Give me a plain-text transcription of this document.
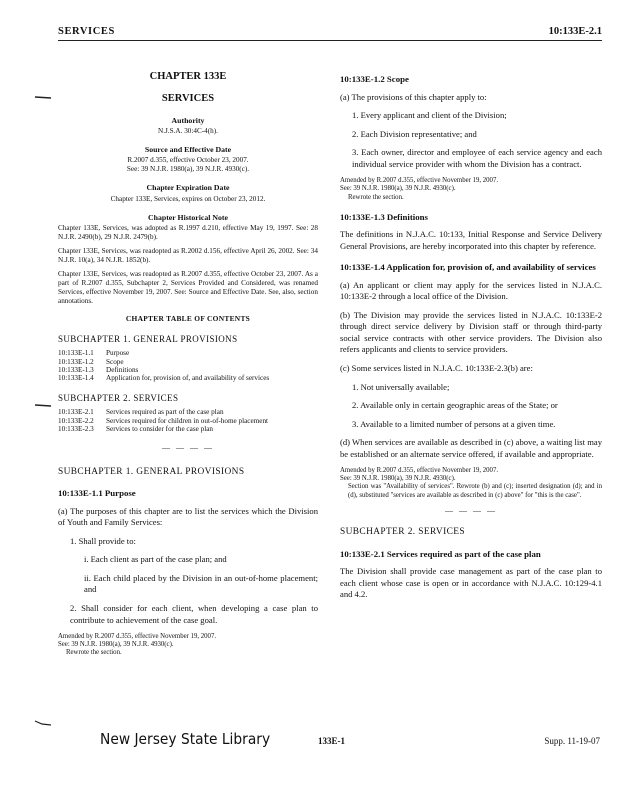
SERVICES	10:133E-2.1
CHAPTER 133E
SERVICES
Authority
N.J.S.A. 30:4C-4(h).
Source and Effective Date
R.2007 d.355, effective October 23, 2007.
See: 39 N.J.R. 1980(a), 39 N.J.R. 4930(c).
Chapter Expiration Date
Chapter 133E, Services, expires on October 23, 2012.
Chapter Historical Note
Chapter 133E, Services, was adopted as R.1997 d.210, effective May 19, 1997. See: 28 N.J.R. 2490(b), 29 N.J.R. 2479(b).
Chapter 133E, Services, was readopted as R.2002 d.156, effective April 26, 2002. See: 34 N.J.R. 10(a), 34 N.J.R. 1852(b).
Chapter 133E, Services, was readopted as R.2007 d.355, effective October 23, 2007. As a part of R.2007 d.355, Subchapter 2, Services Provided and Considered, was renamed Services, effective November 19, 2007. See: Source and Effective Date. See, also, section annotations.
CHAPTER TABLE OF CONTENTS
SUBCHAPTER 1. GENERAL PROVISIONS
10:133E-1.1	Purpose
10:133E-1.2	Scope
10:133E-1.3	Definitions
10:133E-1.4	Application for, provision of, and availability of services
SUBCHAPTER 2. SERVICES
10:133E-2.1	Services required as part of the case plan
10:133E-2.2	Services required for children in out-of-home placement
10:133E-2.3	Services to consider for the case plan
— — — —
SUBCHAPTER 1. GENERAL PROVISIONS
10:133E-1.1 Purpose
(a) The purposes of this chapter are to list the services which the Division of Youth and Family Services:
1. Shall provide to:
i. Each client as part of the case plan; and
ii. Each child placed by the Division in an out-of-home placement; and
2. Shall consider for each client, when developing a case plan to contribute to achievement of the case goal.
Amended by R.2007 d.355, effective November 19, 2007.
See: 39 N.J.R. 1980(a), 39 N.J.R. 4930(c).
Rewrote the section.
10:133E-1.2 Scope
(a) The provisions of this chapter apply to:
1. Every applicant and client of the Division;
2. Each Division representative; and
3. Each owner, director and employee of each service agency and each individual service provider with whom the Division has a contract.
Amended by R.2007 d.355, effective November 19, 2007.
See: 39 N.J.R. 1980(a), 39 N.J.R. 4930(c).
Rewrote the section.
10:133E-1.3 Definitions
The definitions in N.J.A.C. 10:133, Initial Response and Service Delivery General Provisions, are hereby incorporated into this chapter by reference.
10:133E-1.4 Application for, provision of, and availability of services
(a) An applicant or client may apply for the services listed in N.J.A.C. 10:133E-2 through a local office of the Division.
(b) The Division may provide the services listed in N.J.A.C. 10:133E-2 through direct service delivery by Division staff or through third-party social service contracts with other service providers. The Division also refers applicants and clients to service providers.
(c) Some services listed in N.J.A.C. 10:133E-2.3(b) are:
1. Not universally available;
2. Available only in certain geographic areas of the State; or
3. Available to a limited number of persons at a given time.
(d) When services are available as described in (c) above, a waiting list may be established or an alternate service offered, if available and appropriate.
Amended by R.2007 d.355, effective November 19, 2007.
See: 39 N.J.R. 1980(a), 39 N.J.R. 4930(c).
Section was "Availability of services". Rewrote (b) and (c); inserted designation (d); and in (d), substituted "services are available as described in (c) above" for "this is the case".
— — — —
SUBCHAPTER 2. SERVICES
10:133E-2.1 Services required as part of the case plan
The Division shall provide case management as part of the case plan to each client whose case is open or in accordance with N.J.A.C. 10:129-4.1 and 4.2.
New Jersey State Library	133E-1	Supp. 11-19-07
